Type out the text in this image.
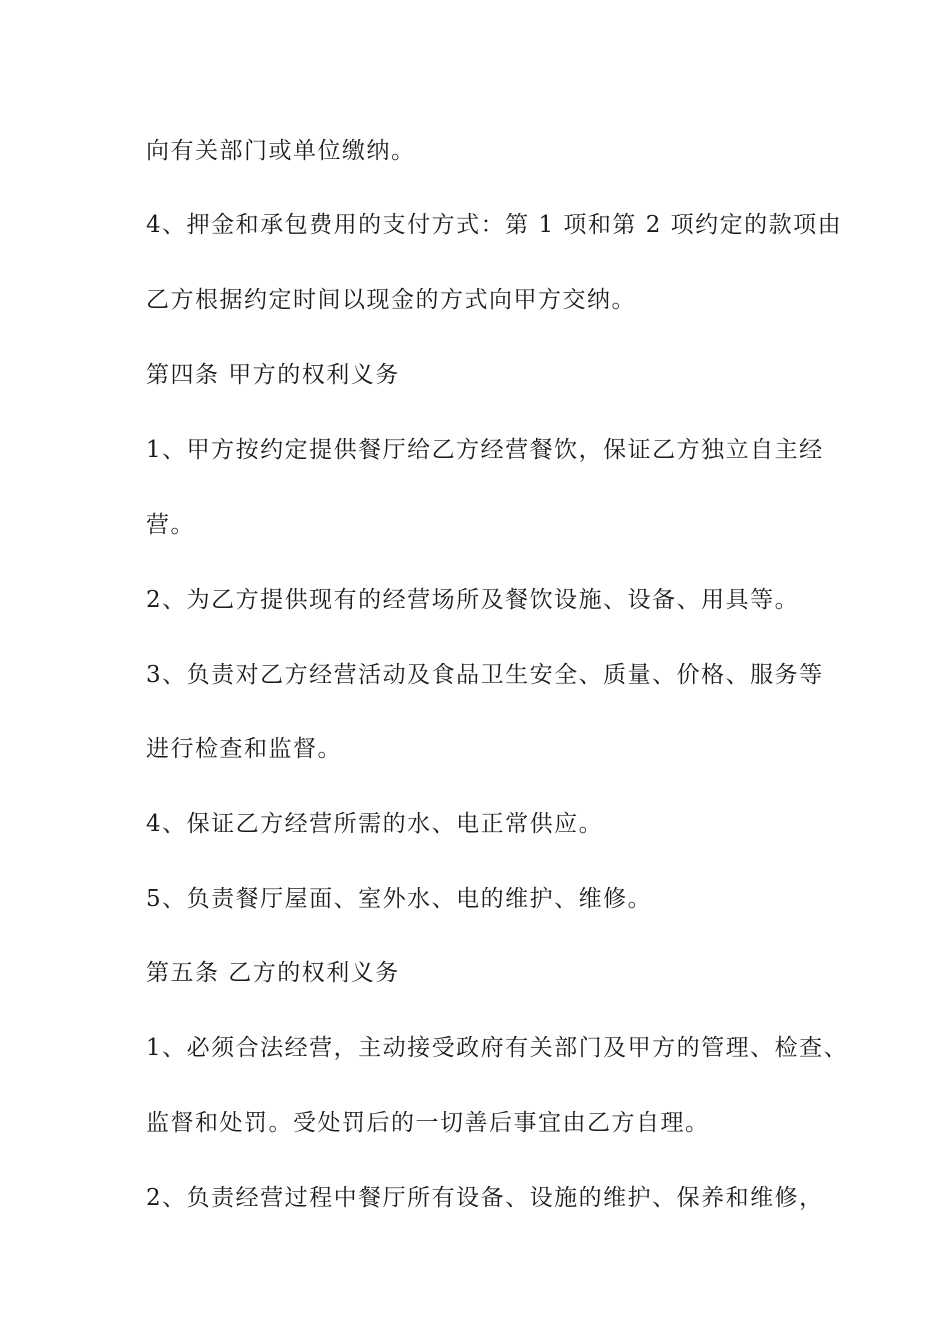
向有关部门或单位缴纳。
4、押金和承包费用的支付方式：第 1 项和第 2 项约定的款项由
乙方根据约定时间以现金的方式向甲方交纳。
第四条 甲方的权利义务
1、甲方按约定提供餐厅给乙方经营餐饮，保证乙方独立自主经
营。
2、为乙方提供现有的经营场所及餐饮设施、设备、用具等。
3、负责对乙方经营活动及食品卫生安全、质量、价格、服务等
进行检查和监督。
4、保证乙方经营所需的水、电正常供应。
5、负责餐厅屋面、室外水、电的维护、维修。
第五条 乙方的权利义务
1、必须合法经营，主动接受政府有关部门及甲方的管理、检查、
监督和处罚。受处罚后的一切善后事宜由乙方自理。
2、负责经营过程中餐厅所有设备、设施的维护、保养和维修，
